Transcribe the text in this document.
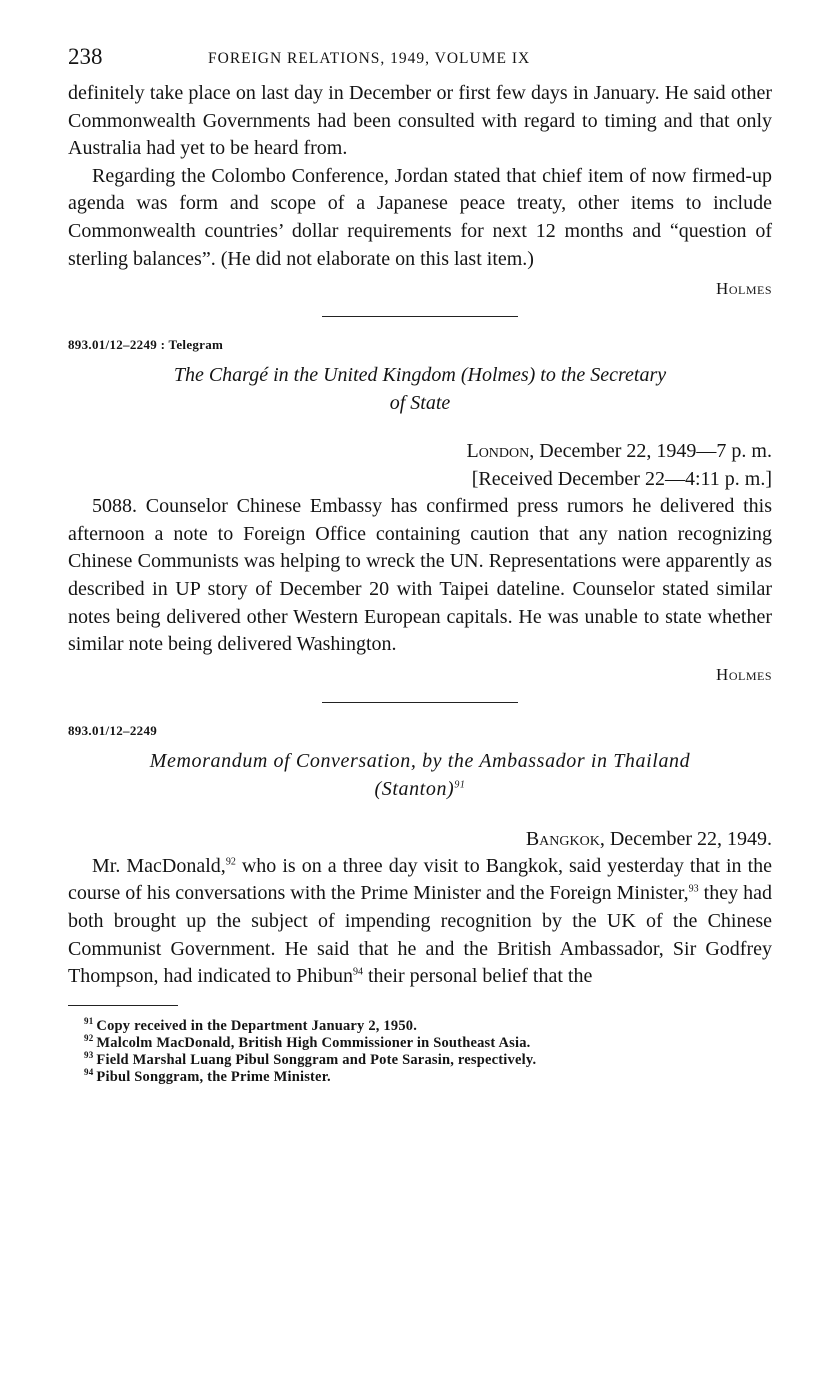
238	FOREIGN RELATIONS, 1949, VOLUME IX

definitely take place on last day in December or first few days in January. He said other Commonwealth Governments had been consulted with regard to timing and that only Australia had yet to be heard from.

Regarding the Colombo Conference, Jordan stated that chief item of now firmed-up agenda was form and scope of a Japanese peace treaty, other items to include Commonwealth countries’ dollar requirements for next 12 months and “question of sterling balances”. (He did not elaborate on this last item.)

Holmes
893.01/12–2249 : Telegram
The Chargé in the United Kingdom (Holmes) to the Secretary
of State
London, December 22, 1949—7 p. m.
[Received December 22—4:11 p. m.]

5088. Counselor Chinese Embassy has confirmed press rumors he delivered this afternoon a note to Foreign Office containing caution that any nation recognizing Chinese Communists was helping to wreck the UN. Representations were apparently as described in UP story of December 20 with Taipei dateline. Counselor stated similar notes being delivered other Western European capitals. He was unable to state whether similar note being delivered Washington.

Holmes
893.01/12–2249
Memorandum of Conversation, by the Ambassador in Thailand
(Stanton)$^{91}$
Bangkok, December 22, 1949.

Mr. MacDonald,$^{92}$ who is on a three day visit to Bangkok, said yesterday that in the course of his conversations with the Prime Minister and the Foreign Minister,$^{93}$ they had both brought up the subject of impending recognition by the UK of the Chinese Communist Government. He said that he and the British Ambassador, Sir Godfrey Thompson, had indicated to Phibun$^{94}$ their personal belief that the

$^{91}$ Copy received in the Department January 2, 1950.
$^{92}$ Malcolm MacDonald, British High Commissioner in Southeast Asia.
$^{93}$ Field Marshal Luang Pibul Songgram and Pote Sarasin, respectively.
$^{94}$ Pibul Songgram, the Prime Minister.
